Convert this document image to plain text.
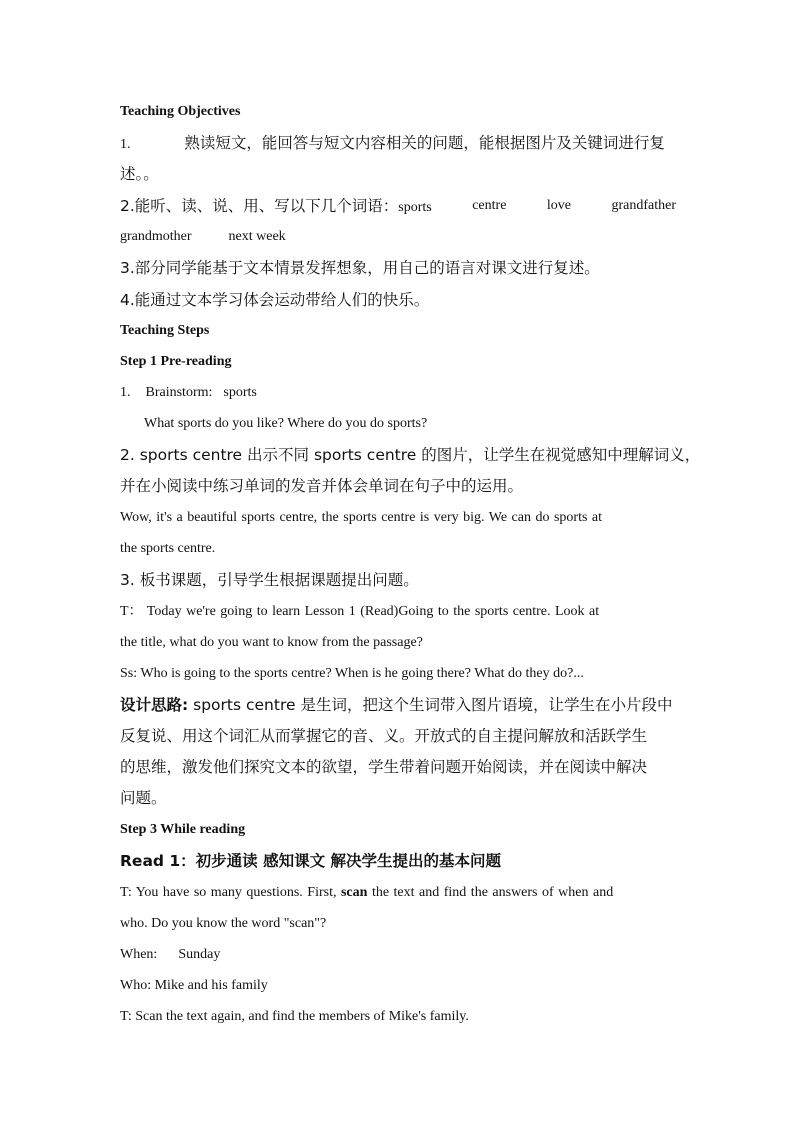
Teaching Objectives
1.	熟读短文，能回答与短文内容相关的问题，能根据图片及关键词进行复
述。。
2.能听、读、说、用、写以下几个词语：sports	centre	love	grandfather
grandmother	next week
3.部分同学能基于文本情景发挥想象，用自己的语言对课文进行复述。
4.能通过文本学习体会运动带给人们的快乐。
Teaching Steps
Step 1 Pre-reading
1. Brainstorm: sports
What sports do you like? Where do you do sports?
2. sports centre 出示不同 sports centre 的图片，让学生在视觉感知中理解词义，
并在小阅读中练习单词的发音并体会单词在句子中的运用。
Wow, it's a beautiful sports centre, the sports centre is very big. We can do sports at
the sports centre.
3. 板书课题，引导学生根据课题提出问题。
T： Today we're going to learn Lesson 1 (Read)Going to the sports centre. Look at
the title, what do you want to know from the passage?
Ss: Who is going to the sports centre? When is he going there? What do they do?...
设计思路: sports centre 是生词，把这个生词带入图片语境，让学生在小片段中
反复说、用这个词汇从而掌握它的音、义。开放式的自主提问解放和活跃学生
的思维，激发他们探究文本的欲望，学生带着问题开始阅读，并在阅读中解决
问题。
Step 3 While reading
Read 1：初步通读 感知课文 解决学生提出的基本问题
T: You have so many questions. First, scan the text and find the answers of when and
who. Do you know the word "scan"?
When: Sunday
Who: Mike and his family
T: Scan the text again, and find the members of Mike's family.
